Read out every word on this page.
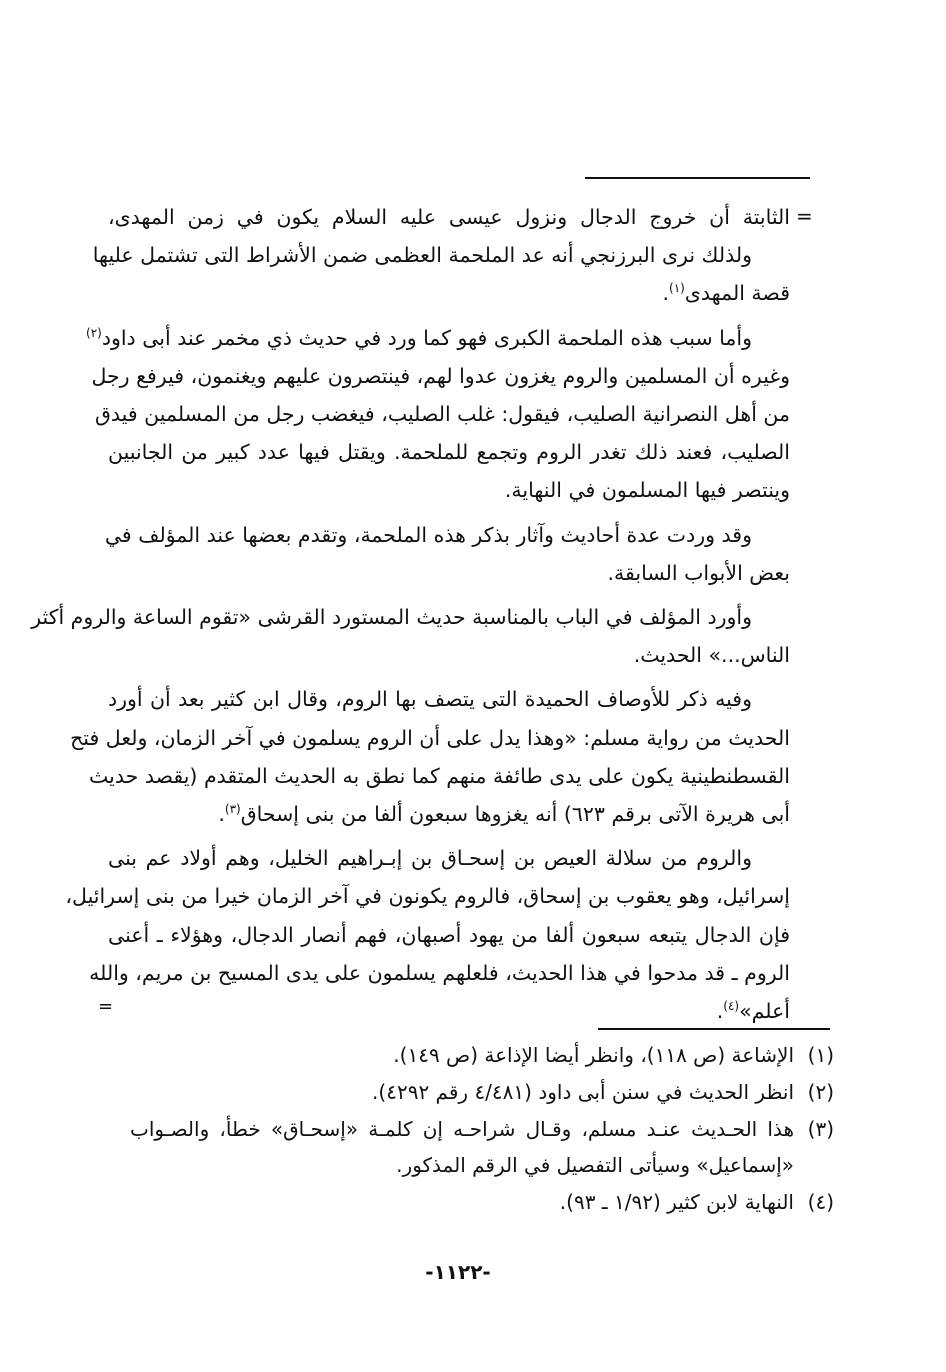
=
الثابتة أن خروج الدجال ونزول عيسى عليه السلام يكون في زمن المهدى،
ولذلك نرى البرزنجي أنه عد الملحمة العظمى ضمن الأشراط التى تشتمل عليها
قصة المهدى$^{(١)}$.
وأما سبب هذه الملحمة الكبرى فهو كما ورد في حديث ذي مخمر عند أبى داود$^{(٢)}$
وغيره أن المسلمين والروم يغزون عدوا لهم، فينتصرون عليهم ويغنمون، فيرفع رجل
من أهل النصرانية الصليب، فيقول: غلب الصليب، فيغضب رجل من المسلمين فيدق
الصليب، فعند ذلك تغدر الروم وتجمع للملحمة. ويقتل فيها عدد كبير من الجانبين
وينتصر فيها المسلمون في النهاية.
وقد وردت عدة أحاديث وآثار بذكر هذه الملحمة، وتقدم بعضها عند المؤلف في
بعض الأبواب السابقة.
وأورد المؤلف في الباب بالمناسبة حديث المستورد القرشى «تقوم الساعة والروم أكثر
الناس...» الحديث.
وفيه ذكر للأوصاف الحميدة التى يتصف بها الروم، وقال ابن كثير بعد أن أورد
الحديث من رواية مسلم: «وهذا يدل على أن الروم يسلمون في آخر الزمان، ولعل فتح
القسطنطينية يكون على يدى طائفة منهم كما نطق به الحديث المتقدم (يقصد حديث
أبى هريرة الآتى برقم ٦٢٣) أنه يغزوها سبعون ألفا من بنى إسحاق$^{(٣)}$.
والروم من سلالة العيص بن إسحـاق بن إبـراهيم الخليل، وهم أولاد عم بنى
إسرائيل، وهو يعقوب بن إسحاق، فالروم يكونون في آخر الزمان خيرا من بنى إسرائيل،
فإن الدجال يتبعه سبعون ألفا من يهود أصبهان، فهم أنصار الدجال، وهؤلاء ـ أعنى
الروم ـ قد مدحوا في هذا الحديث، فلعلهم يسلمون على يدى المسيح بن مريم، والله
أعلم»$^{(٤)}$.
=
(١)الإشاعة (ص ١١٨)، وانظر أيضا الإذاعة (ص ١٤٩).
(٢)انظر الحديث في سنن أبى داود (٤/٤٨١ رقم ٤٢٩٢).
(٣)هذا الحـديث عنـد مسلم، وقـال شراحـه إن كلمـة «إسحـاق» خطأ، والصـواب
«إسماعيل» وسيأتى التفصيل في الرقم المذكور.
(٤)النهاية لابن كثير (١/٩٢ ـ ٩٣).
-١١٢٢-
